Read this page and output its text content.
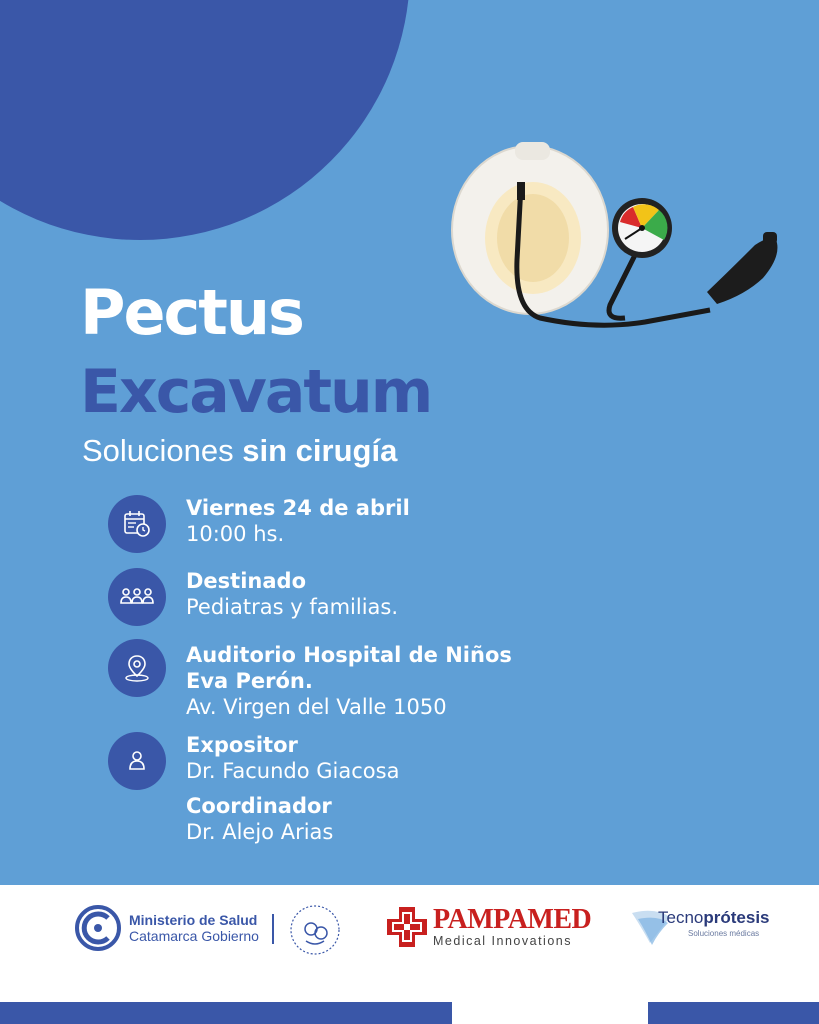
Pectus
Excavatum
Soluciones sin cirugía
Viernes 24 de abril
10:00 hs.
Destinado
Pediatras y familias.
Auditorio Hospital de Niños
Eva Perón.
Av. Virgen del Valle 1050
Expositor
Dr. Facundo Giacosa
Coordinador
Dr. Alejo Arias
Ministerio de Salud
Catamarca Gobierno
PAMPAMED
Medical Innovations
Tecnoprótesis
Soluciones médicas
